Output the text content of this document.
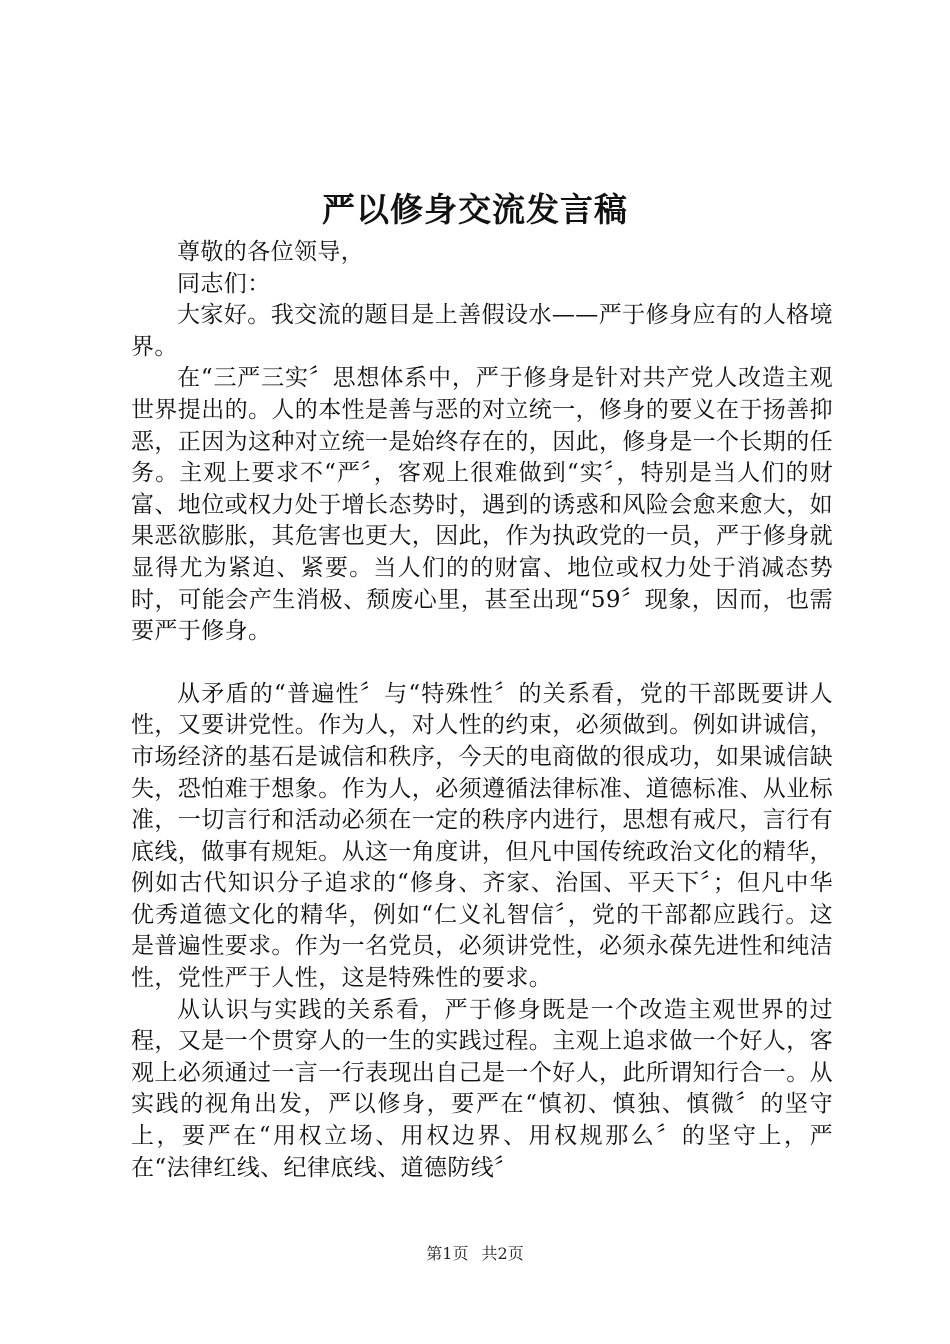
严以修身交流发言稿

尊敬的各位领导，

同志们：

大家好。我交流的题目是上善假设水——严于修身应有的人格境界。

在“三严三实〞思想体系中，严于修身是针对共产党人改造主观世界提出的。人的本性是善与恶的对立统一，修身的要义在于扬善抑恶，正因为这种对立统一是始终存在的，因此，修身是一个长期的任务。主观上要求不“严〞，客观上很难做到“实〞，特别是当人们的财富、地位或权力处于增长态势时，遇到的诱惑和风险会愈来愈大，如果恶欲膨胀，其危害也更大，因此，作为执政党的一员，严于修身就显得尤为紧迫、紧要。当人们的的财富、地位或权力处于消减态势时，可能会产生消极、颓废心里，甚至出现“59〞现象，因而，也需要严于修身。

从矛盾的“普遍性〞与“特殊性〞的关系看，党的干部既要讲人性，又要讲党性。作为人，对人性的约束，必须做到。例如讲诚信，市场经济的基石是诚信和秩序，今天的电商做的很成功，如果诚信缺失，恐怕难于想象。作为人，必须遵循法律标准、道德标准、从业标准，一切言行和活动必须在一定的秩序内进行，思想有戒尺，言行有底线，做事有规矩。从这一角度讲，但凡中国传统政治文化的精华，例如古代知识分子追求的“修身、齐家、治国、平天下〞；但凡中华优秀道德文化的精华，例如“仁义礼智信〞，党的干部都应践行。这是普遍性要求。作为一名党员，必须讲党性，必须永葆先进性和纯洁性，党性严于人性，这是特殊性的要求。

从认识与实践的关系看，严于修身既是一个改造主观世界的过程，又是一个贯穿人的一生的实践过程。主观上追求做一个好人，客观上必须通过一言一行表现出自己是一个好人，此所谓知行合一。从实践的视角出发，严以修身，要严在“慎初、慎独、慎微〞的坚守上，要严在“用权立场、用权边界、用权规那么〞的坚守上，严在“法律红线、纪律底线、道德防线〞

第1页 共2页
